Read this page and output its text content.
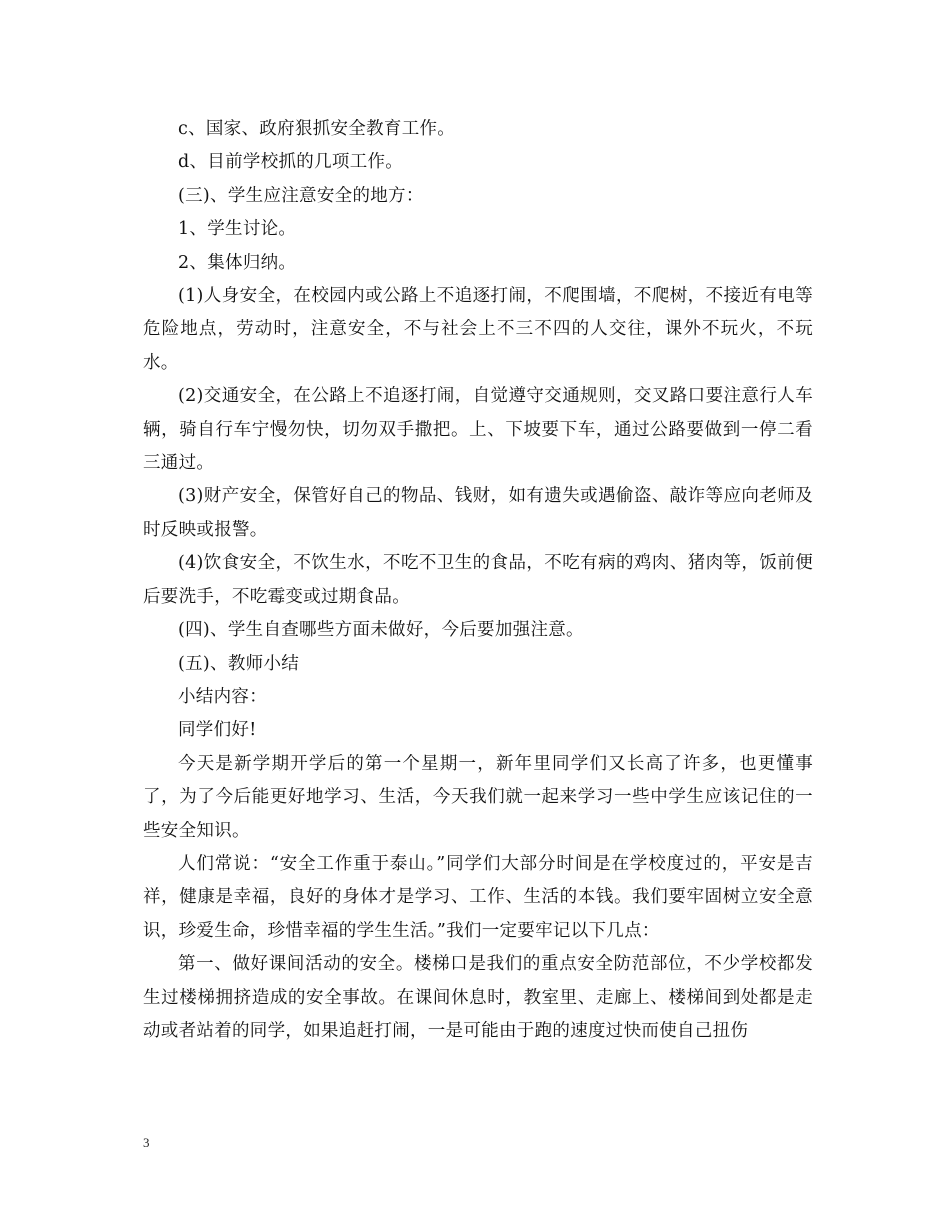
c、国家、政府狠抓安全教育工作。

d、目前学校抓的几项工作。

(三)、学生应注意安全的地方：

1、学生讨论。

2、集体归纳。

(1)人身安全，在校园内或公路上不追逐打闹，不爬围墙，不爬树，不接近有电等危险地点，劳动时，注意安全，不与社会上不三不四的人交往，课外不玩火，不玩水。

(2)交通安全，在公路上不追逐打闹，自觉遵守交通规则，交叉路口要注意行人车辆，骑自行车宁慢勿快，切勿双手撒把。上、下坡要下车，通过公路要做到一停二看三通过。

(3)财产安全，保管好自己的物品、钱财，如有遗失或遇偷盗、敲诈等应向老师及时反映或报警。

(4)饮食安全，不饮生水，不吃不卫生的食品，不吃有病的鸡肉、猪肉等，饭前便后要洗手，不吃霉变或过期食品。

(四)、学生自查哪些方面未做好，今后要加强注意。

(五)、教师小结

小结内容：

同学们好!

今天是新学期开学后的第一个星期一，新年里同学们又长高了许多，也更懂事了，为了今后能更好地学习、生活，今天我们就一起来学习一些中学生应该记住的一些安全知识。

人们常说：“安全工作重于泰山。”同学们大部分时间是在学校度过的，平安是吉祥，健康是幸福，良好的身体才是学习、工作、生活的本钱。我们要牢固树立安全意识，珍爱生命，珍惜幸福的学生生活。”我们一定要牢记以下几点：

第一、做好课间活动的安全。楼梯口是我们的重点安全防范部位，不少学校都发生过楼梯拥挤造成的安全事故。在课间休息时，教室里、走廊上、楼梯间到处都是走动或者站着的同学，如果追赶打闹，一是可能由于跑的速度过快而使自己扭伤

3
